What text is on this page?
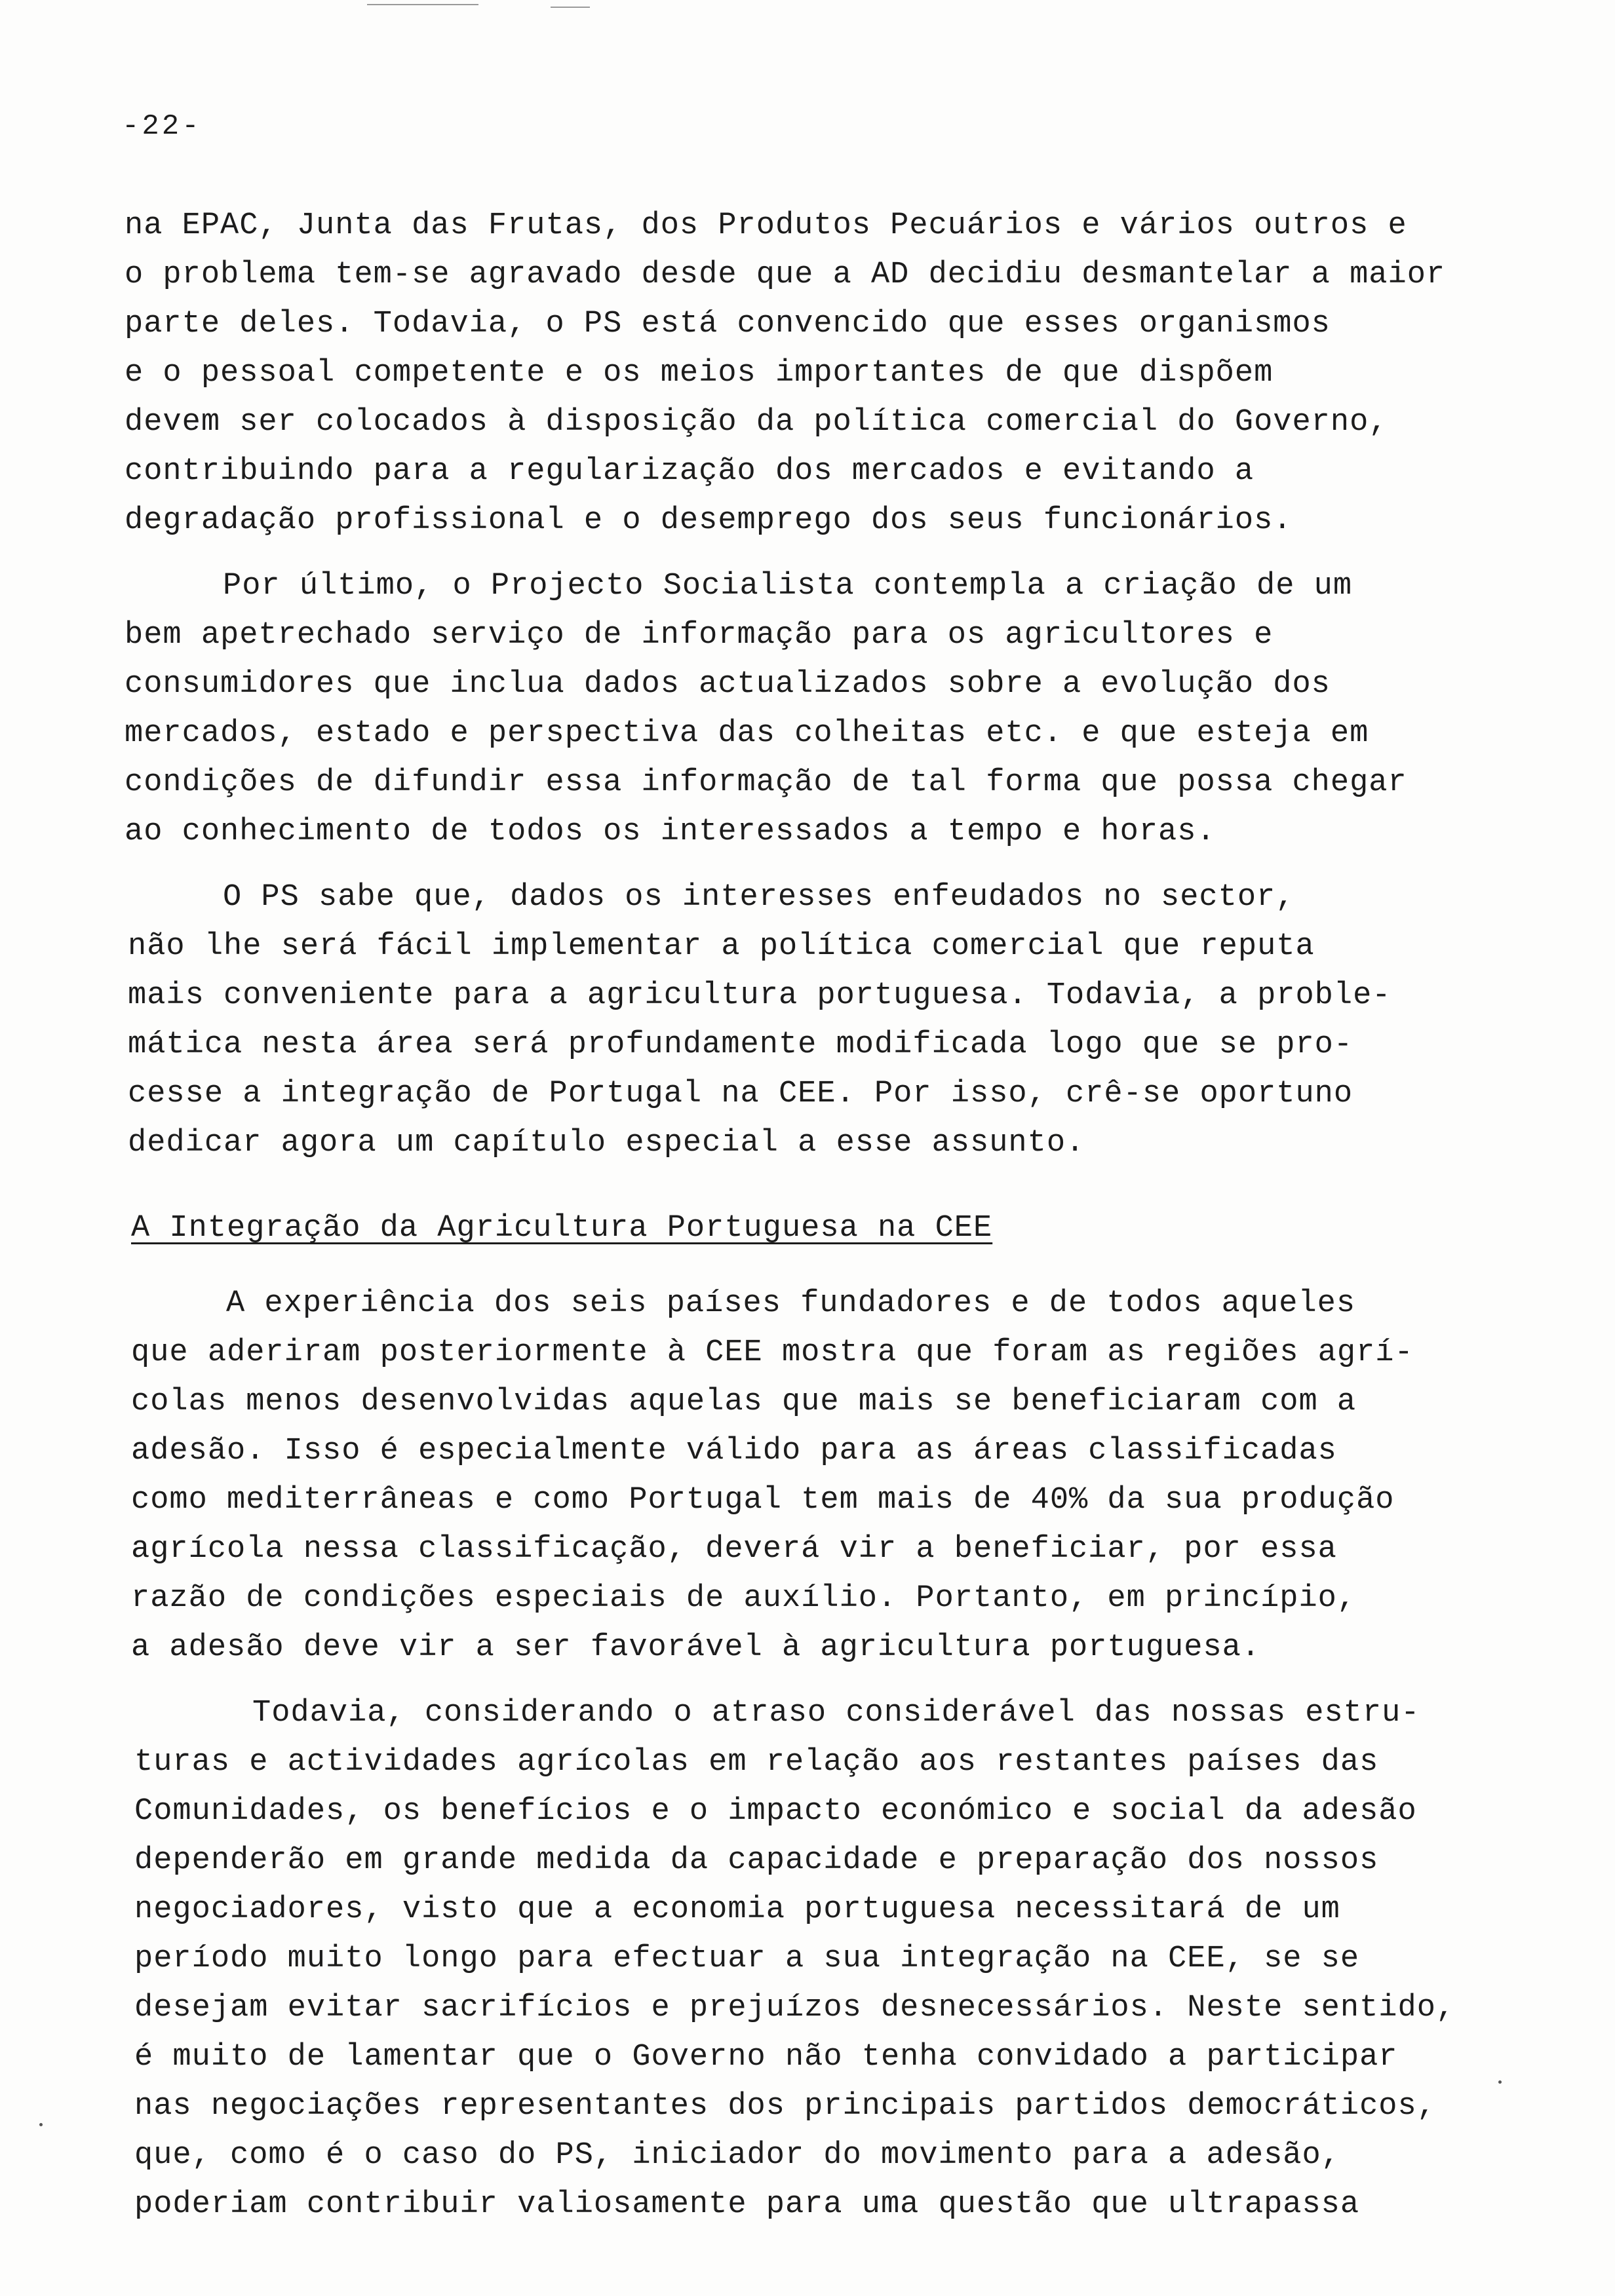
-22-
na EPAC, Junta das Frutas, dos Produtos Pecuários e vários outros e
o problema tem-se agravado desde que a AD decidiu desmantelar a maior
parte deles. Todavia, o PS está convencido que esses organismos
e o pessoal competente e os meios importantes de que dispõem
devem ser colocados à disposição da política comercial do Governo,
contribuindo para a regularização dos mercados e evitando a
degradação profissional e o desemprego dos seus funcionários.
Por último, o Projecto Socialista contempla a criação de um
bem apetrechado serviço de informação para os agricultores e
consumidores que inclua dados actualizados sobre a evolução dos
mercados, estado e perspectiva das colheitas etc. e que esteja em
condições de difundir essa informação de tal forma que possa chegar
ao conhecimento de todos os interessados a tempo e horas.
O PS sabe que, dados os interesses enfeudados no sector,
não lhe será fácil implementar a política comercial que reputa
mais conveniente para a agricultura portuguesa. Todavia, a proble-
mática nesta área será profundamente modificada logo que se pro-
cesse a integração de Portugal na CEE. Por isso, crê-se oportuno
dedicar agora um capítulo especial a esse assunto.
A Integração da Agricultura Portuguesa na CEE
A experiência dos seis países fundadores e de todos aqueles
que aderiram posteriormente à CEE mostra que foram as regiões agrí-
colas menos desenvolvidas aquelas que mais se beneficiaram com a
adesão. Isso é especialmente válido para as áreas classificadas
como mediterrâneas e como Portugal tem mais de 40% da sua produção
agrícola nessa classificação, deverá vir a beneficiar, por essa
razão de condições especiais de auxílio. Portanto, em princípio,
a adesão deve vir a ser favorável à agricultura portuguesa.
Todavia, considerando o atraso considerável das nossas estru-
turas e actividades agrícolas em relação aos restantes países das
Comunidades, os benefícios e o impacto económico e social da adesão
dependerão em grande medida da capacidade e preparação dos nossos
negociadores, visto que a economia portuguesa necessitará de um
período muito longo para efectuar a sua integração na CEE, se se
desejam evitar sacrifícios e prejuízos desnecessários. Neste sentido,
é muito de lamentar que o Governo não tenha convidado a participar
nas negociações representantes dos principais partidos democráticos,
que, como é o caso do PS, iniciador do movimento para a adesão,
poderiam contribuir valiosamente para uma questão que ultrapassa
